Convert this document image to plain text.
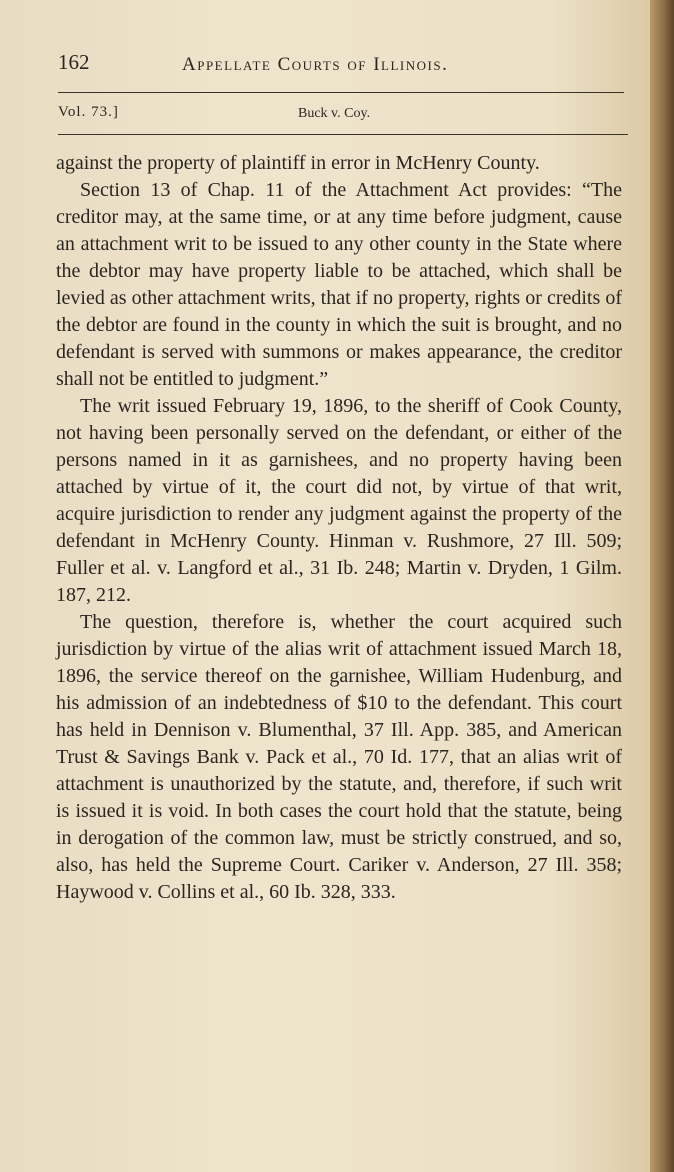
162	Appellate Courts of Illinois.
Vol. 73.]	Buck v. Coy.

against the property of plaintiff in error in McHenry County.

Section 13 of Chap. 11 of the Attachment Act provides: “The creditor may, at the same time, or at any time before judgment, cause an attachment writ to be issued to any other county in the State where the debtor may have property liable to be attached, which shall be levied as other attachment writs, that if no property, rights or credits of the debtor are found in the county in which the suit is brought, and no defendant is served with summons or makes appearance, the creditor shall not be entitled to judgment.”

The writ issued February 19, 1896, to the sheriff of Cook County, not having been personally served on the defendant, or either of the persons named in it as garnishees, and no property having been attached by virtue of it, the court did not, by virtue of that writ, acquire jurisdiction to render any judgment against the property of the defendant in McHenry County. Hinman v. Rushmore, 27 Ill. 509; Fuller et al. v. Langford et al., 31 Ib. 248; Martin v. Dryden, 1 Gilm. 187, 212.

The question, therefore is, whether the court acquired such jurisdiction by virtue of the alias writ of attachment issued March 18, 1896, the service thereof on the garnishee, William Hudenburg, and his admission of an indebtedness of $10 to the defendant. This court has held in Dennison v. Blumenthal, 37 Ill. App. 385, and American Trust & Savings Bank v. Pack et al., 70 Id. 177, that an alias writ of attachment is unauthorized by the statute, and, therefore, if such writ is issued it is void. In both cases the court hold that the statute, being in derogation of the common law, must be strictly construed, and so, also, has held the Supreme Court. Cariker v. Anderson, 27 Ill. 358; Haywood v. Collins et al., 60 Ib. 328, 333.
